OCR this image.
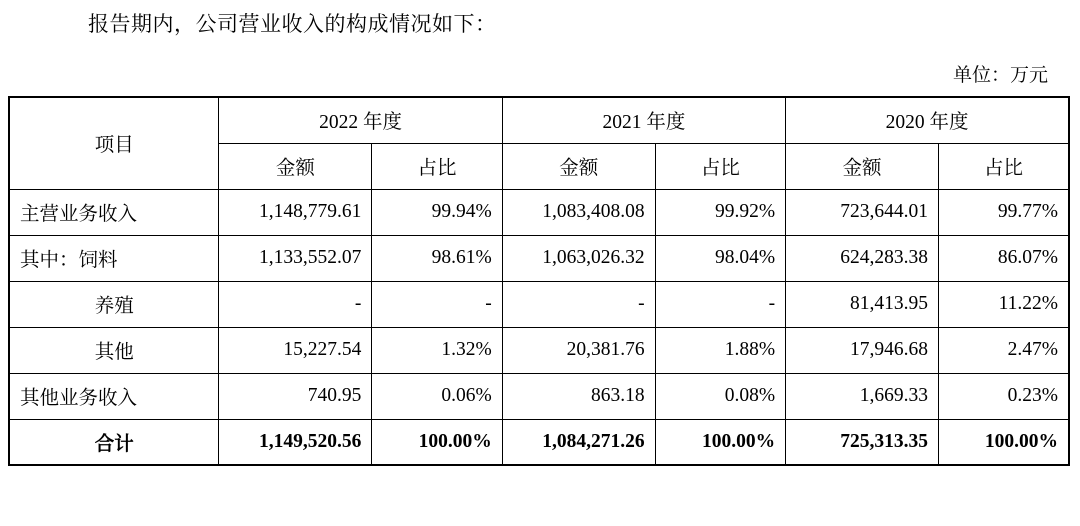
报告期内，公司营业收入的构成情况如下：
单位：万元
项目	2022 年度		2021 年度		2020 年度	
	金额	占比	金额	占比	金额	占比
主营业务收入	1,148,779.61	99.94%	1,083,408.08	99.92%	723,644.01	99.77%
其中：饲料	1,133,552.07	98.61%	1,063,026.32	98.04%	624,283.38	86.07%
养殖	-	-	-	-	81,413.95	11.22%
其他	15,227.54	1.32%	20,381.76	1.88%	17,946.68	2.47%
其他业务收入	740.95	0.06%	863.18	0.08%	1,669.33	0.23%
合计	1,149,520.56	100.00%	1,084,271.26	100.00%	725,313.35	100.00%
